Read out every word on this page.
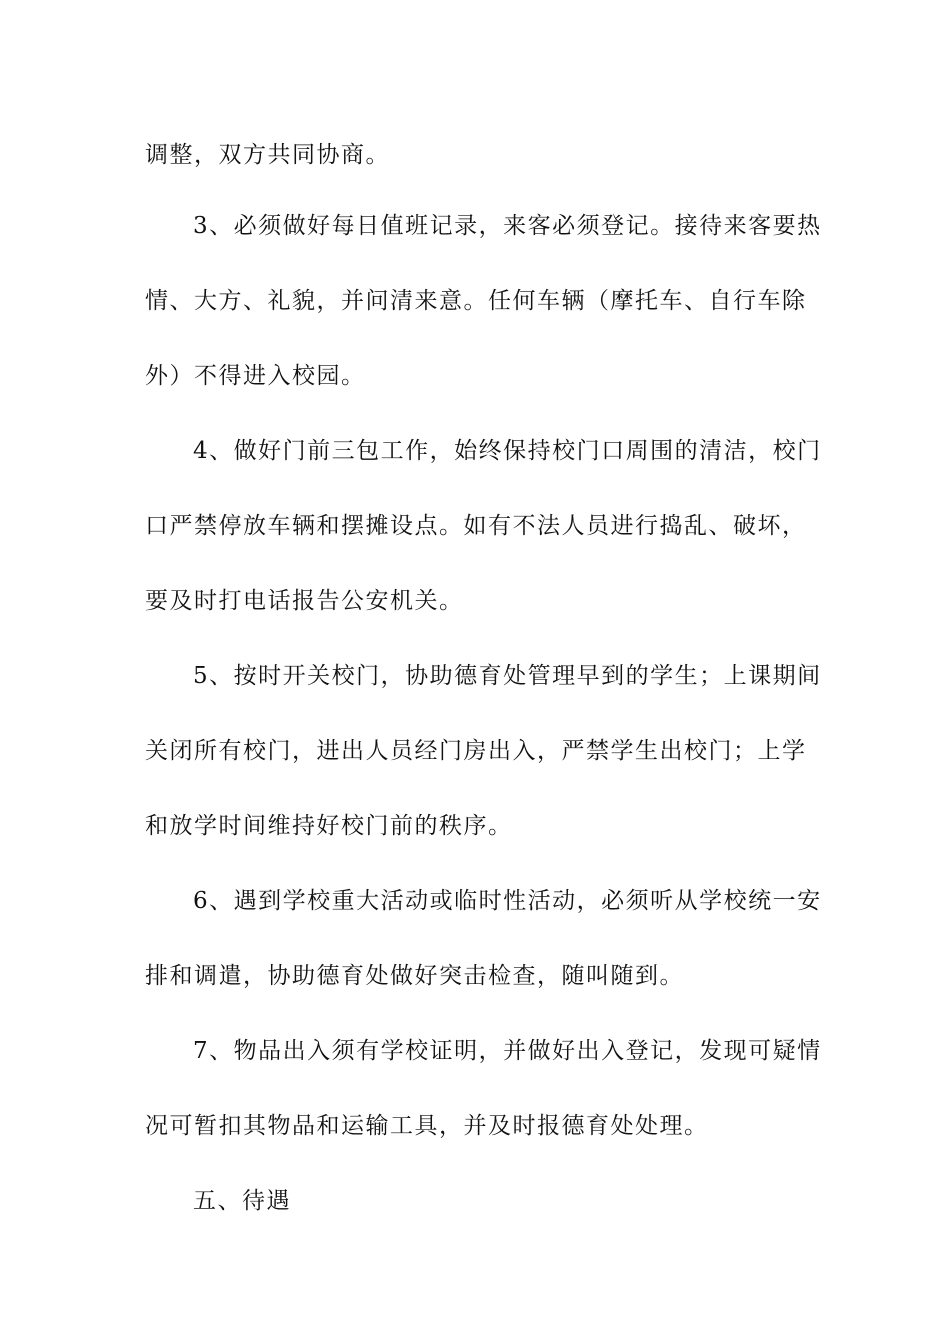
调整，双方共同协商。
3、必须做好每日值班记录，来客必须登记。接待来客要热
情、大方、礼貌，并问清来意。任何车辆（摩托车、自行车除
外）不得进入校园。
4、做好门前三包工作，始终保持校门口周围的清洁，校门
口严禁停放车辆和摆摊设点。如有不法人员进行捣乱、破坏，
要及时打电话报告公安机关。
5、按时开关校门，协助德育处管理早到的学生；上课期间
关闭所有校门，进出人员经门房出入，严禁学生出校门；上学
和放学时间维持好校门前的秩序。
6、遇到学校重大活动或临时性活动，必须听从学校统一安
排和调遣，协助德育处做好突击检查，随叫随到。
7、物品出入须有学校证明，并做好出入登记，发现可疑情
况可暂扣其物品和运输工具，并及时报德育处处理。
五、待遇
